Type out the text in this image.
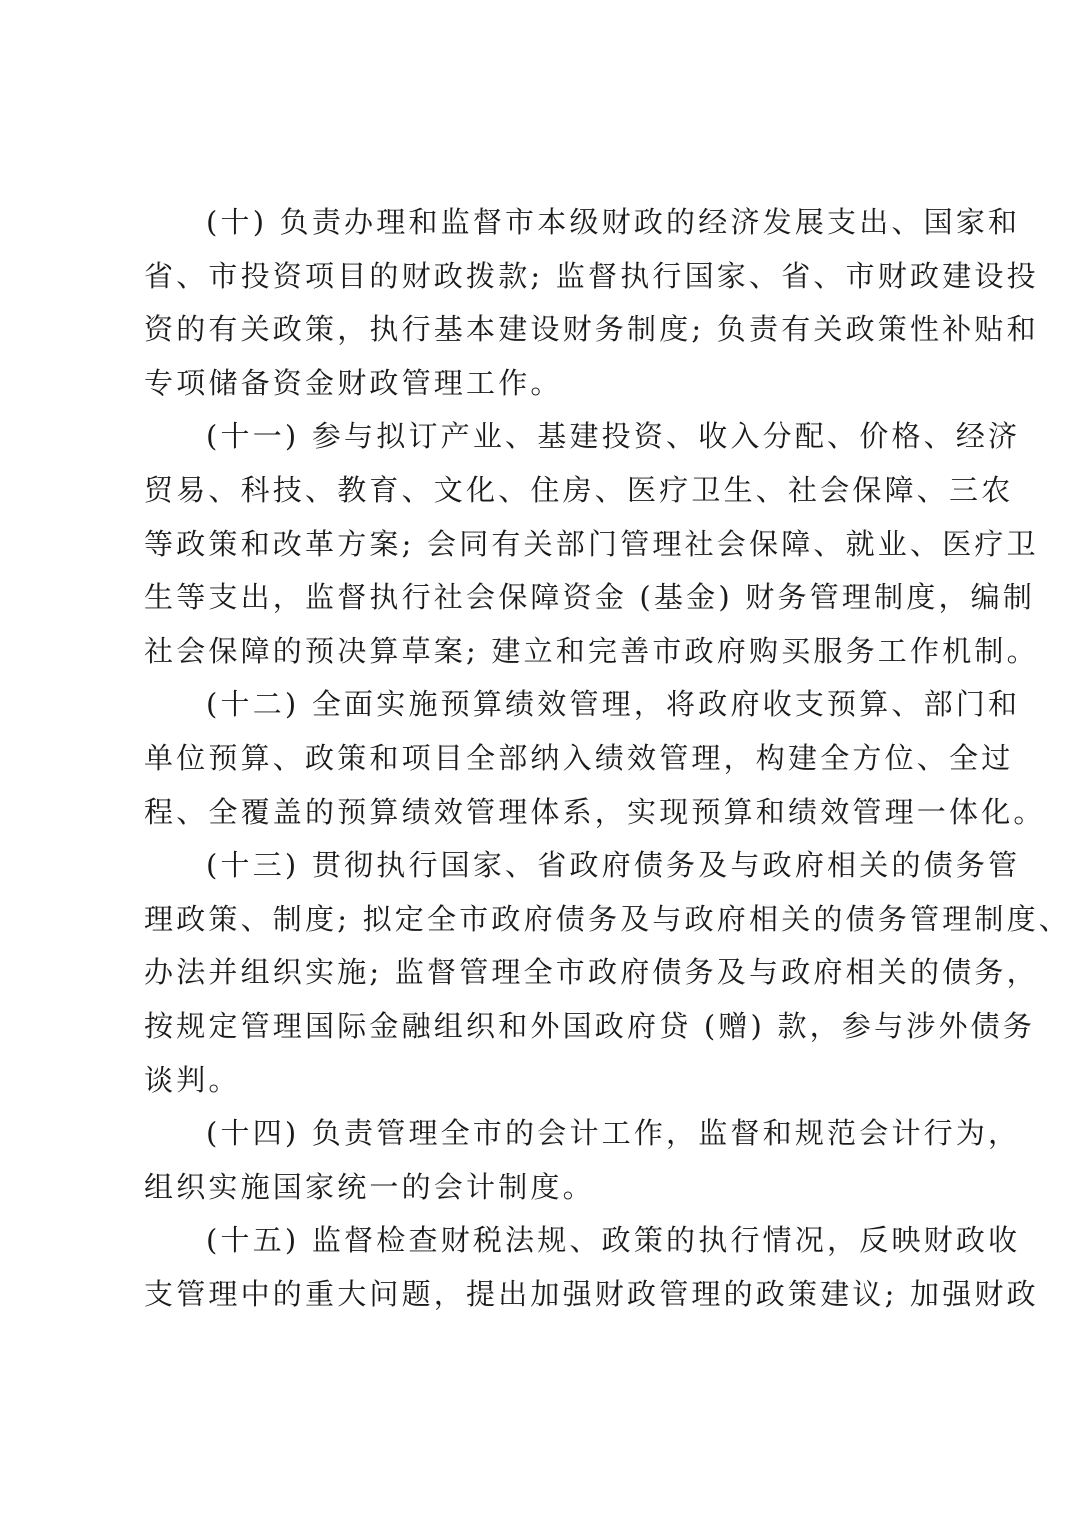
(十) 负责办理和监督市本级财政的经济发展支出、国家和
省、市投资项目的财政拨款; 监督执行国家、省、市财政建设投
资的有关政策，执行基本建设财务制度; 负责有关政策性补贴和
专项储备资金财政管理工作。
(十一) 参与拟订产业、基建投资、收入分配、价格、经济
贸易、科技、教育、文化、住房、医疗卫生、社会保障、三农
等政策和改革方案; 会同有关部门管理社会保障、就业、医疗卫
生等支出，监督执行社会保障资金 (基金) 财务管理制度，编制
社会保障的预决算草案; 建立和完善市政府购买服务工作机制。
(十二) 全面实施预算绩效管理，将政府收支预算、部门和
单位预算、政策和项目全部纳入绩效管理，构建全方位、全过
程、全覆盖的预算绩效管理体系，实现预算和绩效管理一体化。
(十三) 贯彻执行国家、省政府债务及与政府相关的债务管
理政策、制度; 拟定全市政府债务及与政府相关的债务管理制度、
办法并组织实施; 监督管理全市政府债务及与政府相关的债务，
按规定管理国际金融组织和外国政府贷 (赠) 款，参与涉外债务
谈判。
(十四) 负责管理全市的会计工作，监督和规范会计行为，
组织实施国家统一的会计制度。
(十五) 监督检查财税法规、政策的执行情况，反映财政收
支管理中的重大问题，提出加强财政管理的政策建议; 加强财政
